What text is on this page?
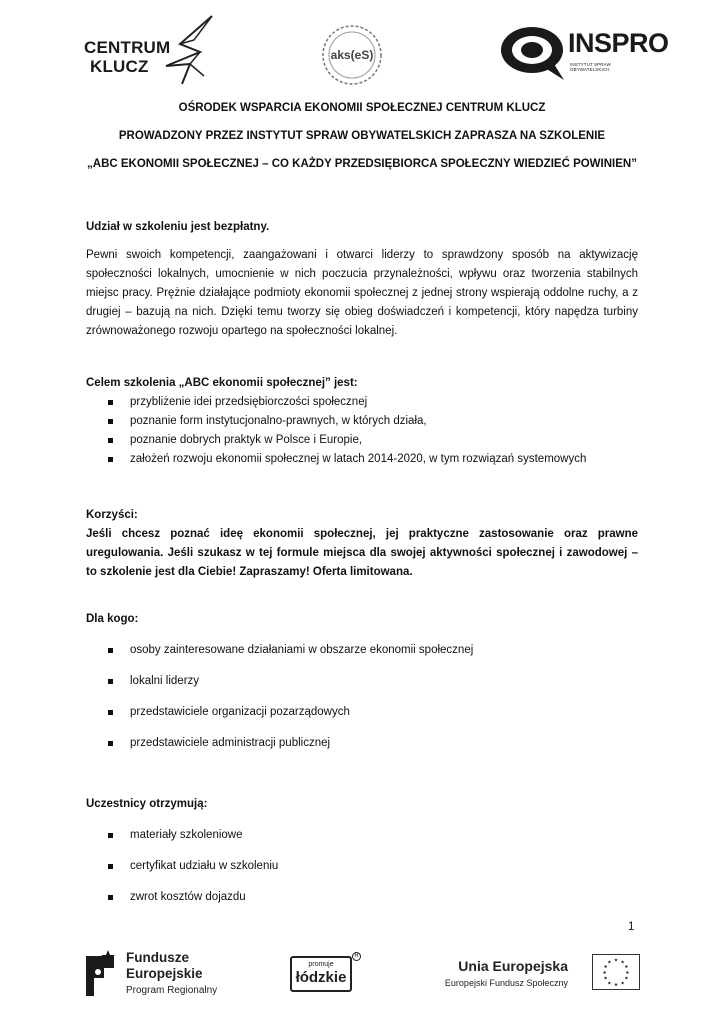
CENTRUM
KLUCZ
aks(eS)	INSPRO
INSTYTUT SPRAW OBYWATELSKICH
OŚRODEK WSPARCIA EKONOMII SPOŁECZNEJ CENTRUM KLUCZ
PROWADZONY PRZEZ INSTYTUT SPRAW OBYWATELSKICH ZAPRASZA NA SZKOLENIE
„ABC EKONOMII SPOŁECZNEJ – CO KAŻDY PRZEDSIĘBIORCA SPOŁECZNY WIEDZIEĆ POWINIEN”
Udział w szkoleniu jest bezpłatny.
Pewni swoich kompetencji, zaangażowani i otwarci liderzy to sprawdzony sposób na aktywizację społeczności lokalnych, umocnienie w nich poczucia przynależności, wpływu oraz tworzenia stabilnych miejsc pracy. Prężnie działające podmioty ekonomii społecznej z jednej strony wspierają oddolne ruchy, a z drugiej – bazują na nich. Dzięki temu tworzy się obieg doświadczeń i kompetencji, który napędza turbiny zrównoważonego rozwoju opartego na społeczności lokalnej.
Celem szkolenia „ABC ekonomii społecznej” jest:
przybliżenie idei przedsiębiorczości społecznej
poznanie form instytucjonalno-prawnych, w których działa,
poznanie dobrych praktyk w Polsce i Europie,
założeń rozwoju ekonomii społecznej w latach 2014-2020, w tym rozwiązań systemowych
Korzyści:
Jeśli chcesz poznać ideę ekonomii społecznej, jej praktyczne zastosowanie oraz prawne uregulowania. Jeśli szukasz w tej formule miejsca dla swojej aktywności społecznej i zawodowej – to szkolenie jest dla Ciebie! Zapraszamy! Oferta limitowana.
Dla kogo:
osoby zainteresowane działaniami w obszarze ekonomii społecznej
lokalni liderzy
przedstawiciele organizacji pozarządowych
przedstawiciele administracji publicznej
Uczestnicy otrzymują:
materiały szkoleniowe
certyfikat udziału w szkoleniu
zwrot kosztów dojazdu
1
Fundusze
Europejskie
Program Regionalny
promuje
łódzkie
R
Unia Europejska
Europejski Fundusz Społeczny
★ ★
★
★
★
★
★
★
★
★
★
★
